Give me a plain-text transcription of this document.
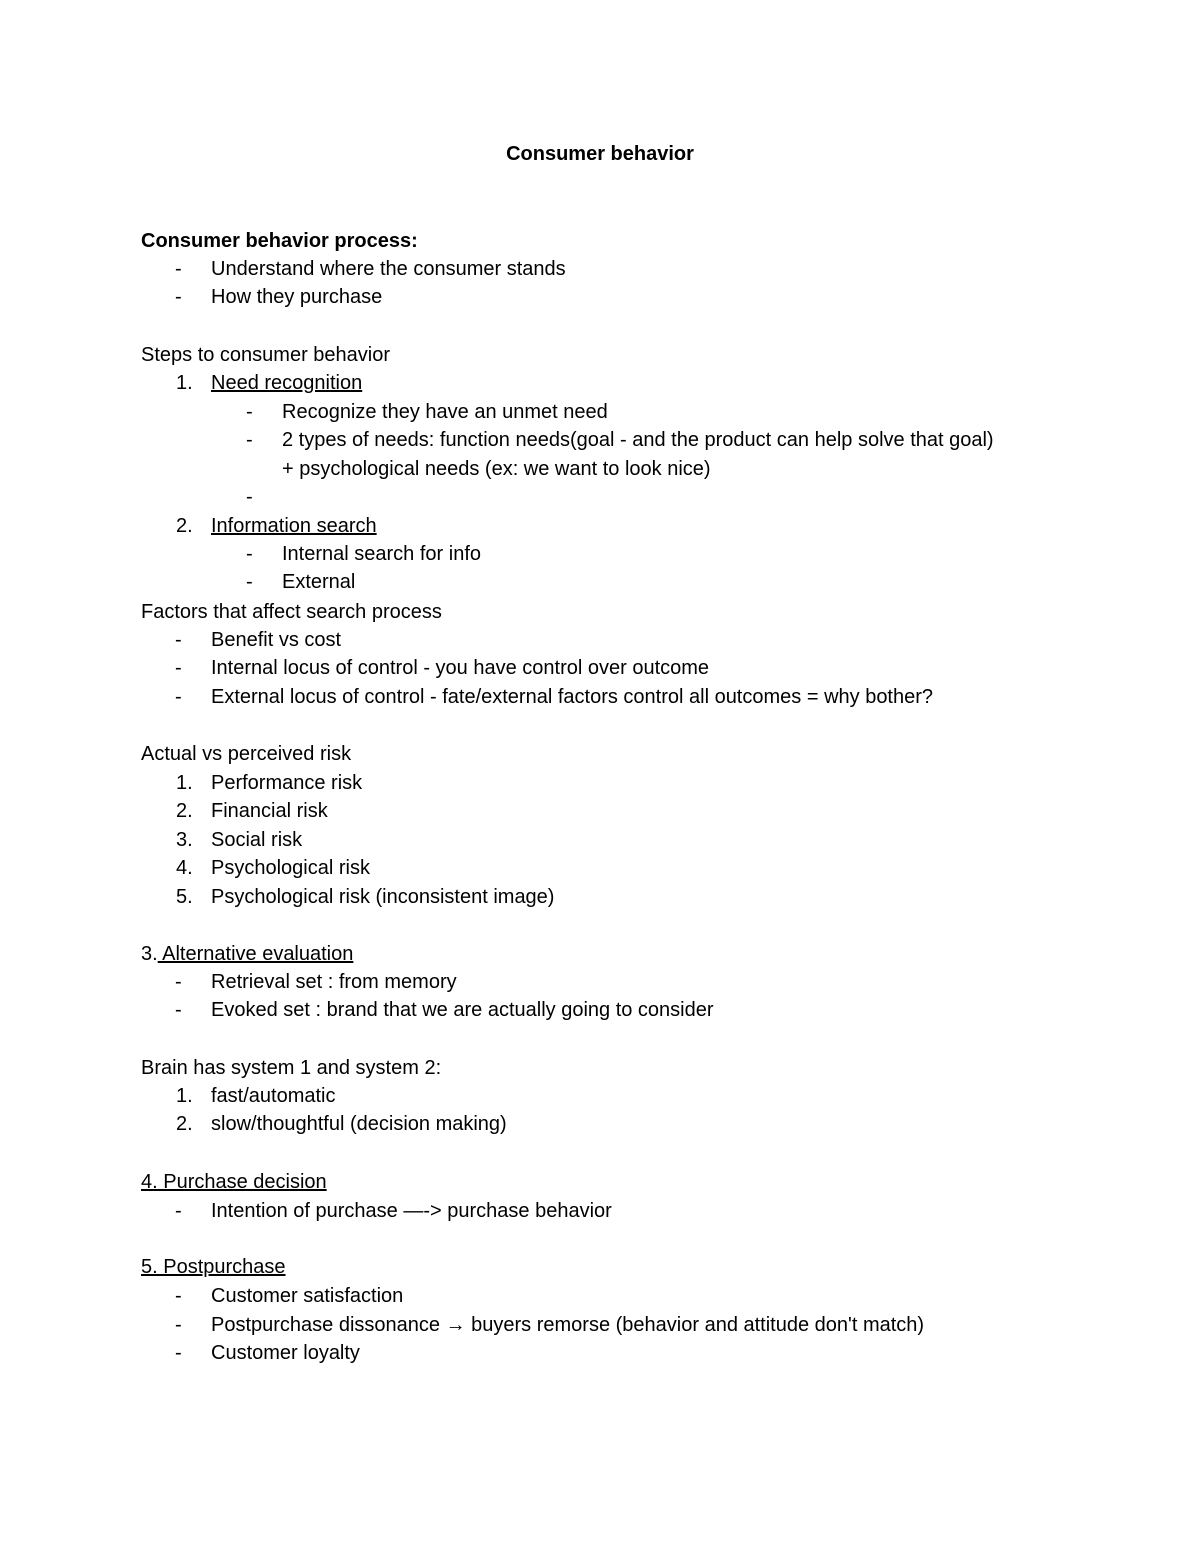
Consumer behavior
Consumer behavior process:
- Understand where the consumer stands
- How they purchase
Steps to consumer behavior
1. Need recognition
- Recognize they have an unmet need
- 2 types of needs: function needs(goal - and the product can help solve that goal)
+ psychological needs (ex: we want to look nice)
-
2. Information search
- Internal search for info
- External
Factors that affect search process
- Benefit vs cost
- Internal locus of control - you have control over outcome
- External locus of control - fate/external factors control all outcomes = why bother?
Actual vs perceived risk
1. Performance risk
2. Financial risk
3. Social risk
4. Psychological risk
5. Psychological risk (inconsistent image)
3. Alternative evaluation
- Retrieval set : from memory
- Evoked set : brand that we are actually going to consider
Brain has system 1 and system 2:
1. fast/automatic
2. slow/thoughtful (decision making)
4. Purchase decision
- Intention of purchase —-> purchase behavior
5. Postpurchase
- Customer satisfaction
- Postpurchase dissonance → buyers remorse (behavior and attitude don't match)
- Customer loyalty
